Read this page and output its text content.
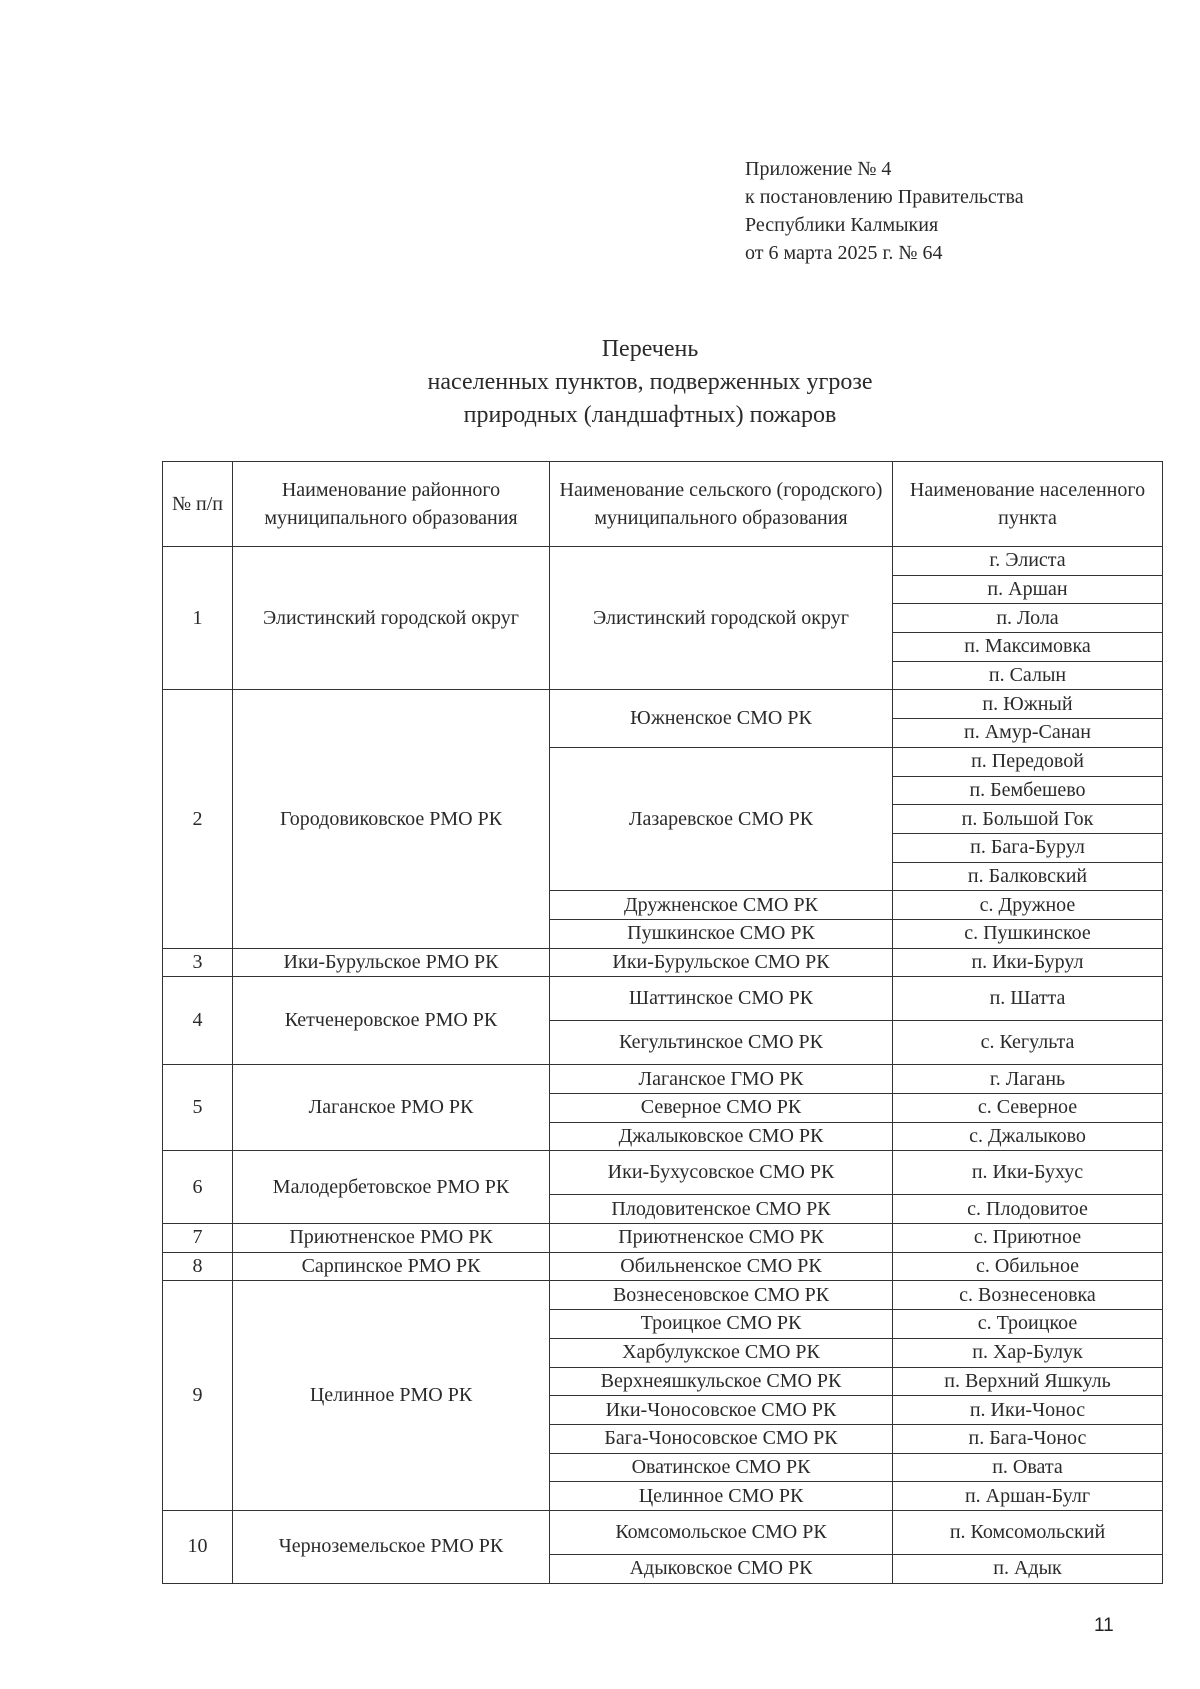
Приложение № 4
к постановлению Правительства
Республики Калмыкия
от 6 марта 2025 г. № 64
Перечень
населенных пунктов, подверженных угрозе
природных (ландшафтных) пожаров
№ п/п	Наименование районного муниципального образования	Наименование сельского (городского) муниципального образования	Наименование населенного пункта
1	Элистинский городской округ	Элистинский городской округ	г. Элиста
			п. Аршан
			п. Лола
			п. Максимовка
			п. Салын
2	Городовиковское РМО РК	Южненское СМО РК	п. Южный
			п. Амур-Санан
		Лазаревское СМО РК	п. Передовой
			п. Бембешево
			п. Большой Гок
			п. Бага-Бурул
			п. Балковский
		Дружненское СМО РК	с. Дружное
		Пушкинское СМО РК	с. Пушкинское
3	Ики-Бурульское РМО РК	Ики-Бурульское СМО РК	п. Ики-Бурул
4	Кетченеровское РМО РК	Шаттинское СМО РК	п. Шатта
		Кегультинское СМО РК	с. Кегульта
5	Лаганское РМО РК	Лаганское ГМО РК	г. Лагань
		Северное СМО РК	с. Северное
		Джалыковское СМО РК	с. Джалыково
6	Малодербетовское РМО РК	Ики-Бухусовское СМО РК	п. Ики-Бухус
		Плодовитенское СМО РК	с. Плодовитое
7	Приютненское РМО РК	Приютненское СМО РК	с. Приютное
8	Сарпинское РМО РК	Обильненское СМО РК	с. Обильное
9	Целинное РМО РК	Вознесеновское СМО РК	с. Вознесеновка
		Троицкое СМО РК	с. Троицкое
		Харбулукское СМО РК	п. Хар-Булук
		Верхнеяшкульское СМО РК	п. Верхний Яшкуль
		Ики-Чоносовское СМО РК	п. Ики-Чонос
		Бага-Чоносовское СМО РК	п. Бага-Чонос
		Оватинское СМО РК	п. Овата
		Целинное СМО РК	п. Аршан-Булг
10	Черноземельское РМО РК	Комсомольское СМО РК	п. Комсомольский
		Адыковское СМО РК	п. Адык
11
